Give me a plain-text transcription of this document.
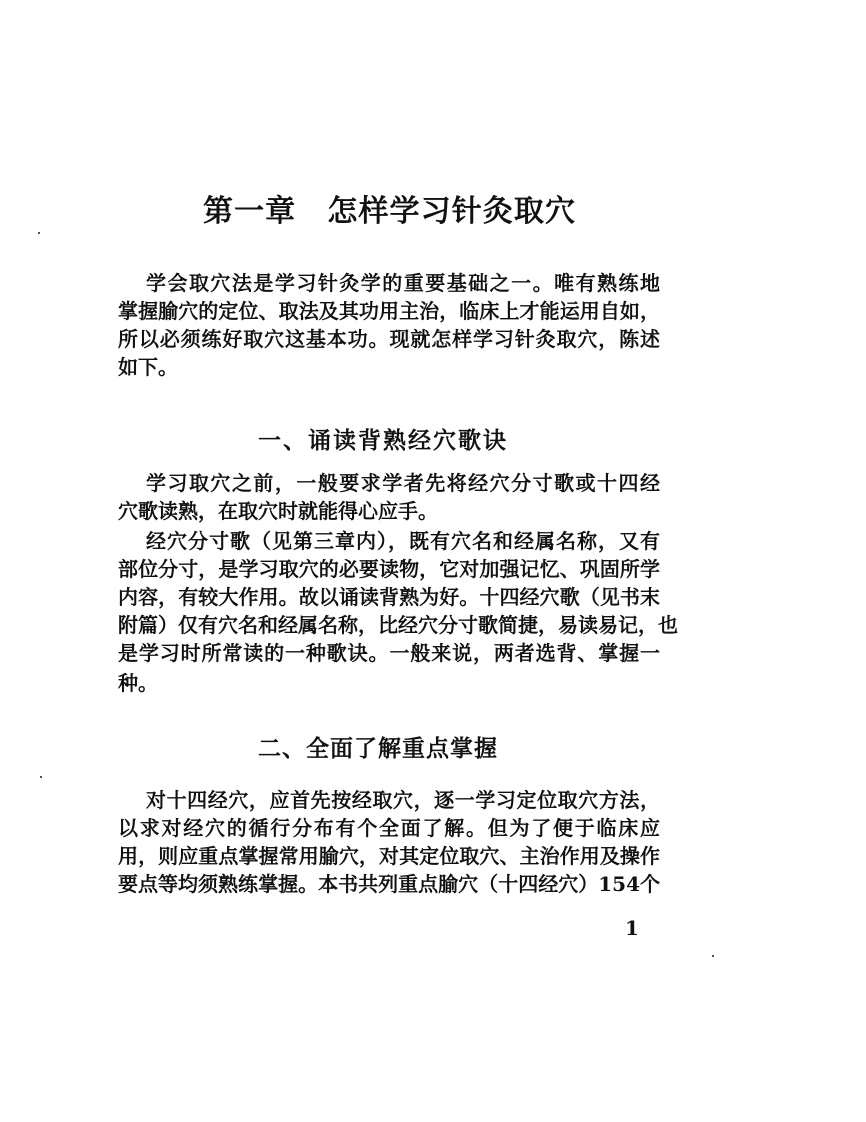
第一章　怎样学习针灸取穴
学会取穴法是学习针灸学的重要基础之一。唯有熟练地
掌握腧穴的定位、取法及其功用主治，临床上才能运用自如，
所以必须练好取穴这基本功。现就怎样学习针灸取穴，陈述
如下。
一、诵读背熟经穴歌诀
学习取穴之前，一般要求学者先将经穴分寸歌或十四经
穴歌读熟，在取穴时就能得心应手。
经穴分寸歌（见第三章内），既有穴名和经属名称，又有
部位分寸，是学习取穴的必要读物，它对加强记忆、巩固所学
内容，有较大作用。故以诵读背熟为好。十四经穴歌（见书末
附篇）仅有穴名和经属名称，比经穴分寸歌简捷，易读易记，也
是学习时所常读的一种歌诀。一般来说，两者选背、掌握一
种。
二、全面了解重点掌握
对十四经穴，应首先按经取穴，逐一学习定位取穴方法，
以求对经穴的循行分布有个全面了解。但为了便于临床应
用，则应重点掌握常用腧穴，对其定位取穴、主治作用及操作
要点等均须熟练掌握。本书共列重点腧穴（十四经穴）154个
1
